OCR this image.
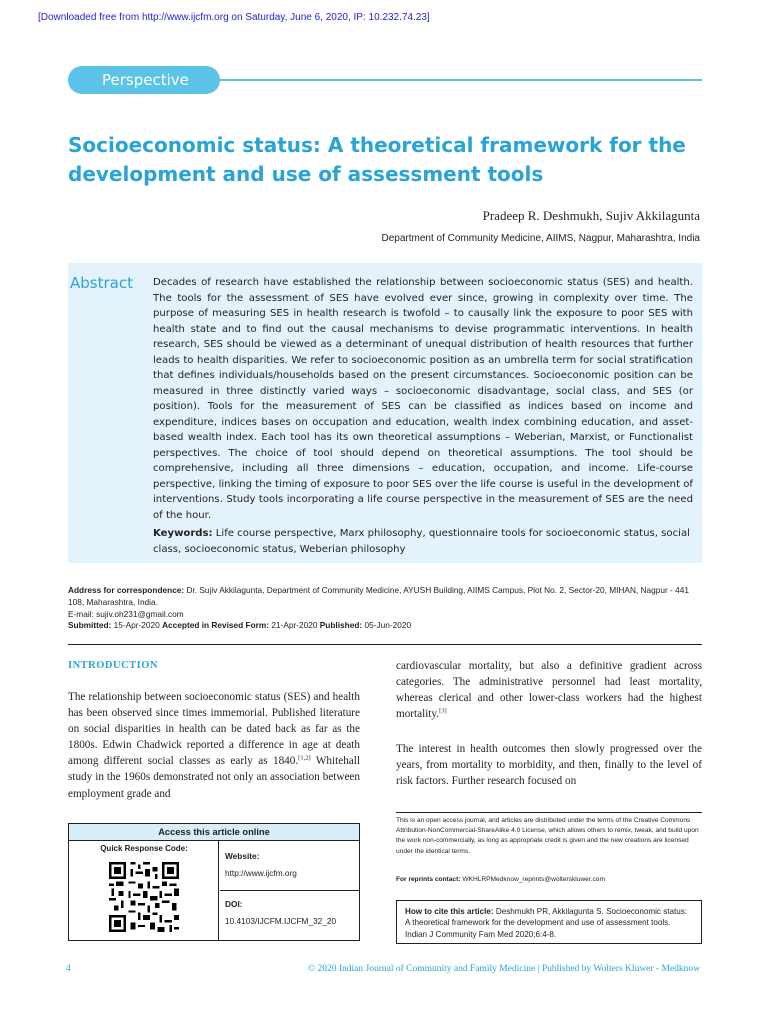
[Downloaded free from http://www.ijcfm.org on Saturday, June 6, 2020, IP: 10.232.74.23]
Perspective
Socioeconomic status: A theoretical framework for the development and use of assessment tools
Pradeep R. Deshmukh, Sujiv Akkilagunta
Department of Community Medicine, AIIMS, Nagpur, Maharashtra, India
Abstract Decades of research have established the relationship between socioeconomic status (SES) and health. The tools for the assessment of SES have evolved ever since, growing in complexity over time. The purpose of measuring SES in health research is twofold – to causally link the exposure to poor SES with health state and to find out the causal mechanisms to devise programmatic interventions. In health research, SES should be viewed as a determinant of unequal distribution of health resources that further leads to health disparities. We refer to socioeconomic position as an umbrella term for social stratification that defines individuals/households based on the present circumstances. Socioeconomic position can be measured in three distinctly varied ways – socioeconomic disadvantage, social class, and SES (or position). Tools for the measurement of SES can be classified as indices based on income and expenditure, indices bases on occupation and education, wealth index combining education, and asset-based wealth index. Each tool has its own theoretical assumptions – Weberian, Marxist, or Functionalist perspectives. The choice of tool should depend on theoretical assumptions. The tool should be comprehensive, including all three dimensions – education, occupation, and income. Life-course perspective, linking the timing of exposure to poor SES over the life course is useful in the development of interventions. Study tools incorporating a life course perspective in the measurement of SES are the need of the hour.

Keywords: Life course perspective, Marx philosophy, questionnaire tools for socioeconomic status, social class, socioeconomic status, Weberian philosophy

Address for correspondence: Dr. Sujiv Akkilagunta, Department of Community Medicine, AYUSH Building, AIIMS Campus, Plot No. 2, Sector-20, MIHAN, Nagpur - 441 108, Maharashtra, India.
E-mail: sujiv.oh231@gmail.com
Submitted: 15-Apr-2020 Accepted in Revised Form: 21-Apr-2020 Published: 05-Jun-2020
INTRODUCTION

The relationship between socioeconomic status (SES) and health has been observed since times immemorial. Published literature on social disparities in health can be dated back as far as the 1800s. Edwin Chadwick reported a difference in age at death among different social classes as early as 1840.[1,2] Whitehall study in the 1960s demonstrated not only an association between employment grade and

cardiovascular mortality, but also a definitive gradient across categories. The administrative personnel had least mortality, whereas clerical and other lower-class workers had the highest mortality.[3]

The interest in health outcomes then slowly progressed over the years, from mortality to morbidity, and then, finally to the level of risk factors. Further research focused on

Access this article online
Quick Response Code:
Website:
http://www.ijcfm.org
DOI:
10.4103/IJCFM.IJCFM_32_20

This is an open access journal, and articles are distributed under the terms of the Creative Commons Attribution-NonCommercial-ShareAlike 4.0 License, which allows others to remix, tweak, and build upon the work non-commercially, as long as appropriate credit is given and the new creations are licensed under the identical terms.

For reprints contact: WKHLRPMedknow_reprints@wolterskluwer.com

How to cite this article: Deshmukh PR, Akkilagunta S. Socioeconomic status: A theoretical framework for the development and use of assessment tools. Indian J Community Fam Med 2020;6:4-8.
4	© 2020 Indian Journal of Community and Family Medicine | Published by Wolters Kluwer - Medknow
